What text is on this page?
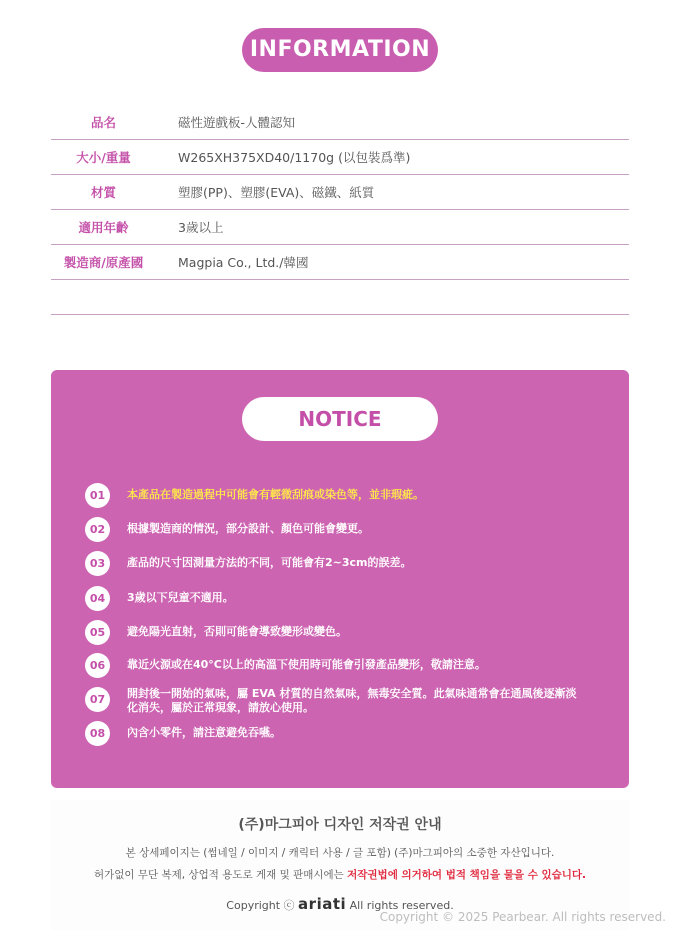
INFORMATION
品名	磁性遊戲板-人體認知
大小/重量	W265XH375XD40/1170g (以包裝爲準)
材質	塑膠(PP)、塑膠(EVA)、磁鐵、紙質
適用年齡	3歲以上
製造商/原產國	Magpia Co., Ltd./韓國

NOTICE
01	本產品在製造過程中可能會有輕微刮痕或染色等，並非瑕疵。
02	根據製造商的情況，部分設計、顏色可能會變更。
03	產品的尺寸因測量方法的不同，可能會有2~3cm的誤差。
04	3歲以下兒童不適用。
05	避免陽光直射，否則可能會導致變形或變色。
06	靠近火源或在40°C以上的高溫下使用時可能會引發產品變形，敬請注意。
07	開封後一開始的氣味，屬 EVA 材質的自然氣味，無毒安全質。此氣味通常會在通風後逐漸淡化消失，屬於正常現象，請放心使用。
08	內含小零件，請注意避免吞嚥。
(주)마그피아 디자인 저작권 안내
본 상세페이지는 (썸네일 / 이미지 / 캐릭터 사용 / 글 포함) (주)마그피아의 소중한 자산입니다.
허가없이 무단 복제, 상업적 용도로 게재 및 판매시에는 저작권법에 의거하여 법적 책임을 물을 수 있습니다.
Copyright ⓒ ariati All rights reserved.
Copyright © 2025 Pearbear. All rights reserved.
